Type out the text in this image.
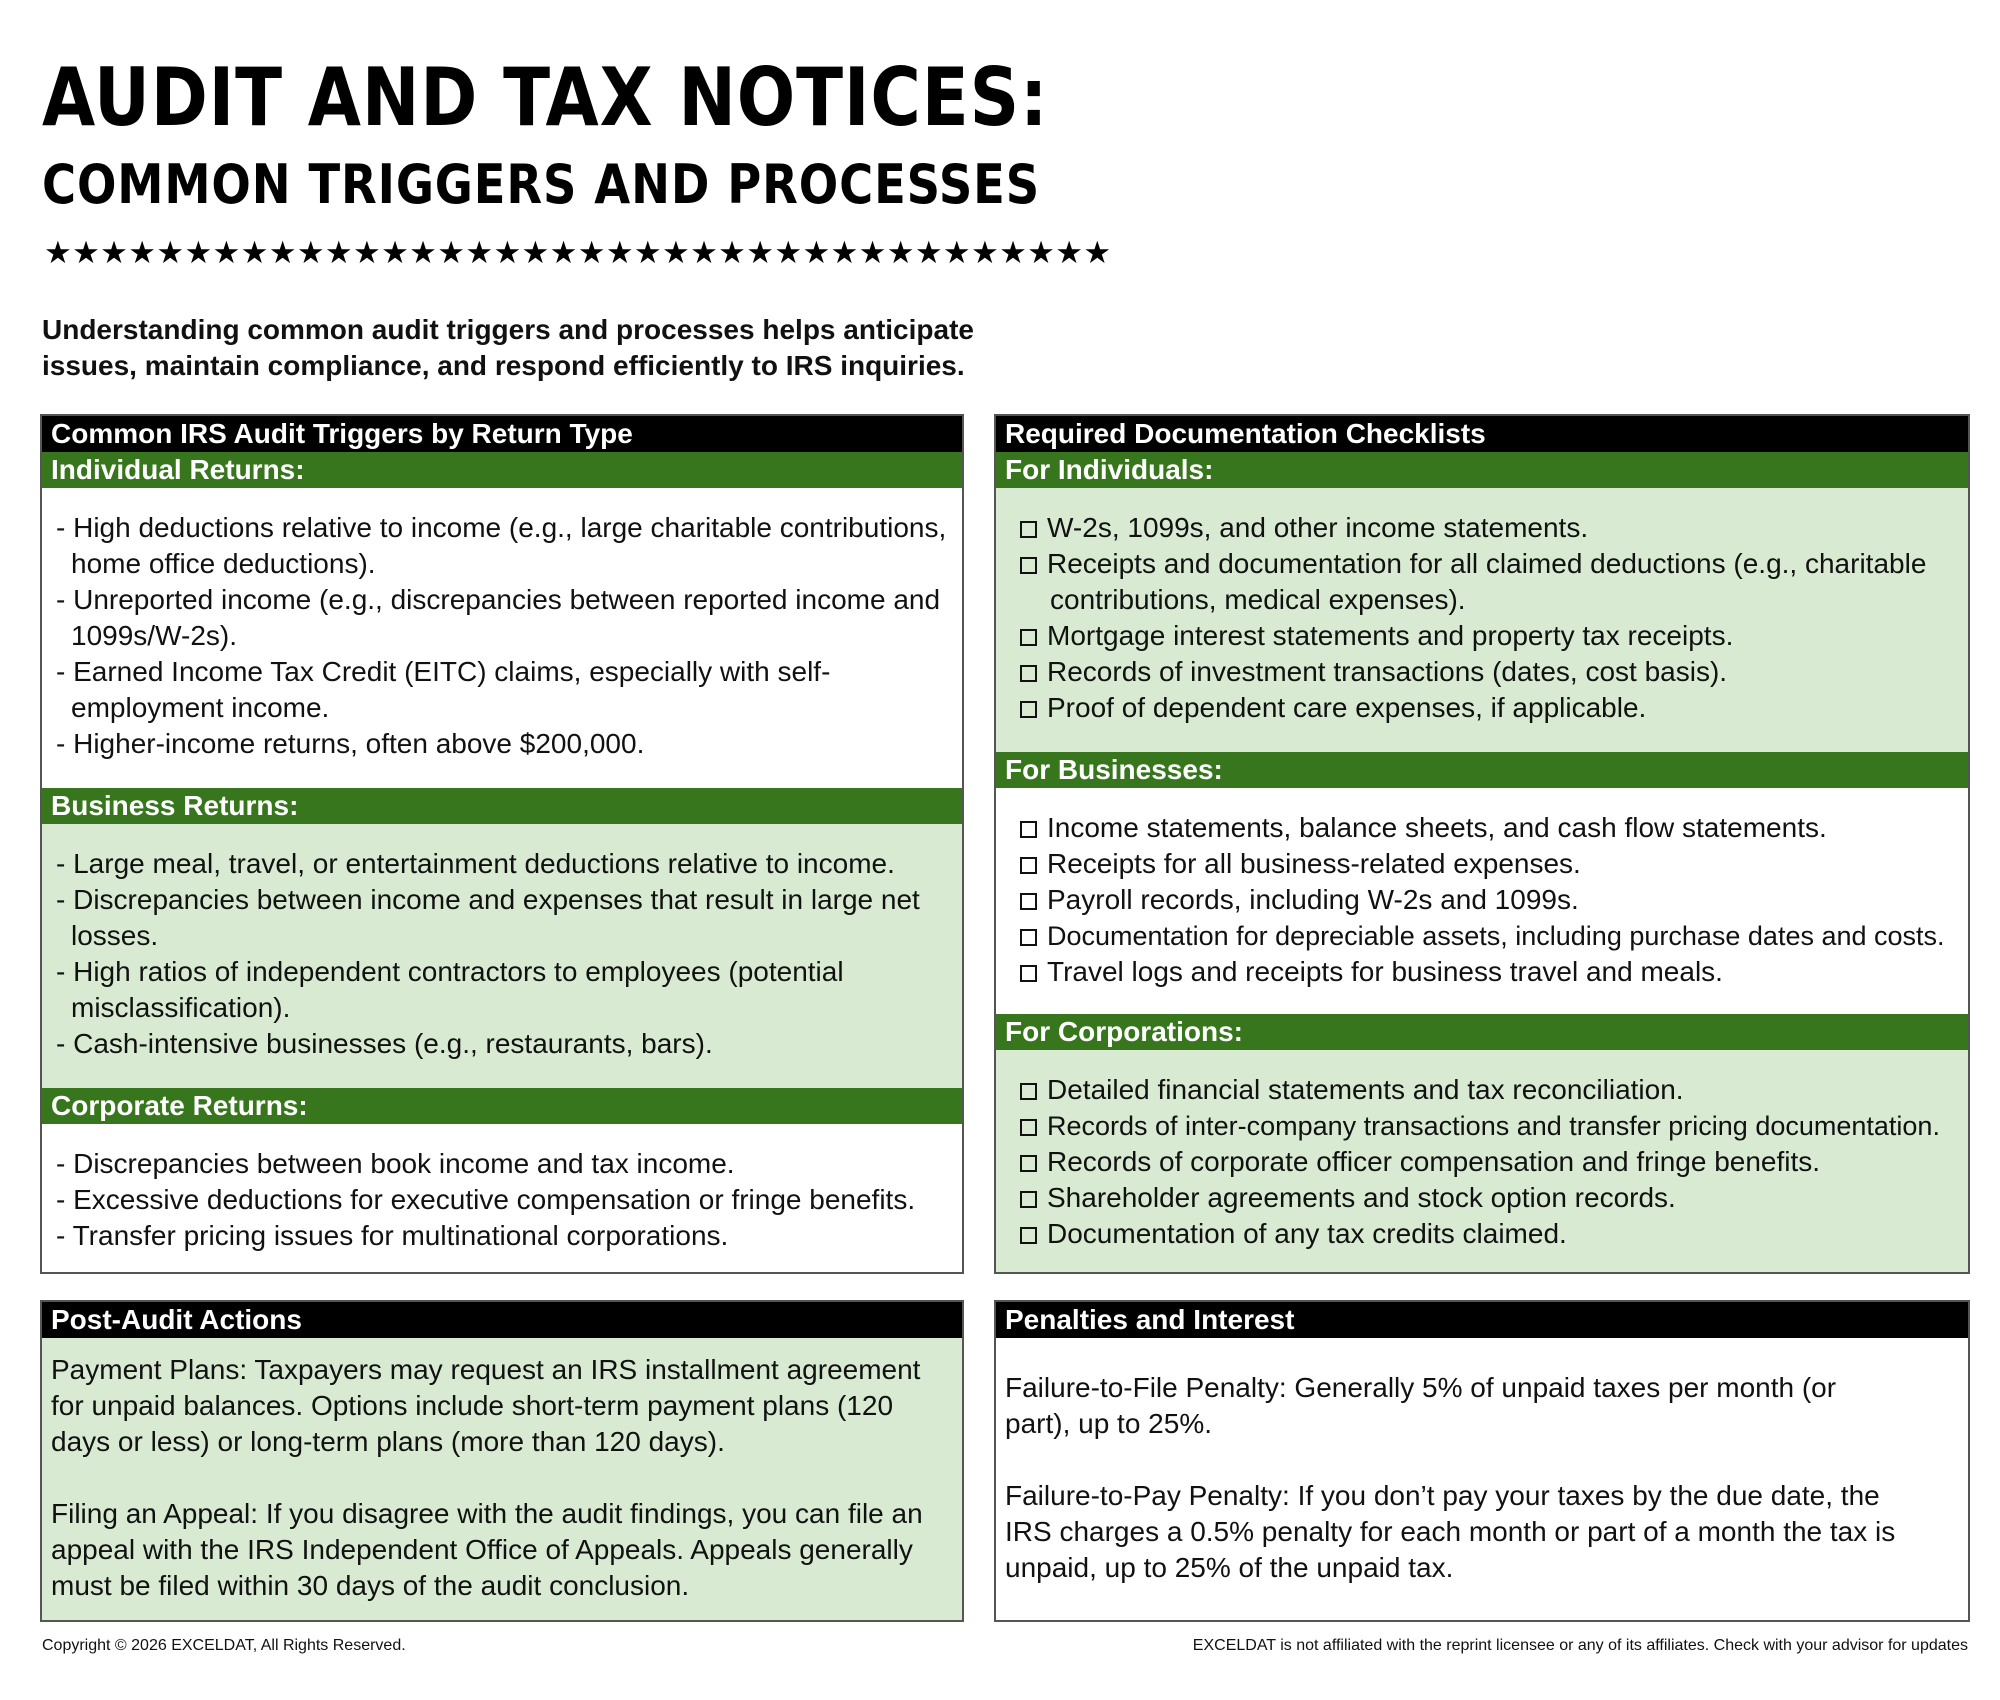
AUDIT AND TAX NOTICES:
COMMON TRIGGERS AND PROCESSES
★★★★★★★★★★★★★★★★★★★★★★★★★★★★★★★★★★★★★★

Understanding common audit triggers and processes helps anticipate issues, maintain compliance, and respond efficiently to IRS inquiries.

Common IRS Audit Triggers by Return Type
Individual Returns:
- High deductions relative to income (e.g., large charitable contributions, home office deductions).
- Unreported income (e.g., discrepancies between reported income and 1099s/W-2s).
- Earned Income Tax Credit (EITC) claims, especially with self-employment income.
- Higher-income returns, often above $200,000.
Business Returns:
- Large meal, travel, or entertainment deductions relative to income.
- Discrepancies between income and expenses that result in large net losses.
- High ratios of independent contractors to employees (potential misclassification).
- Cash-intensive businesses (e.g., restaurants, bars).
Corporate Returns:
- Discrepancies between book income and tax income.
- Excessive deductions for executive compensation or fringe benefits.
- Transfer pricing issues for multinational corporations.
Required Documentation Checklists
For Individuals:
W-2s, 1099s, and other income statements.
Receipts and documentation for all claimed deductions (e.g., charitable contributions, medical expenses).
Mortgage interest statements and property tax receipts.
Records of investment transactions (dates, cost basis).
Proof of dependent care expenses, if applicable.
For Businesses:
Income statements, balance sheets, and cash flow statements.
Receipts for all business-related expenses.
Payroll records, including W-2s and 1099s.
Documentation for depreciable assets, including purchase dates and costs.
Travel logs and receipts for business travel and meals.
For Corporations:
Detailed financial statements and tax reconciliation.
Records of inter-company transactions and transfer pricing documentation.
Records of corporate officer compensation and fringe benefits.
Shareholder agreements and stock option records.
Documentation of any tax credits claimed.
Post-Audit Actions

Payment Plans: Taxpayers may request an IRS installment agreement for unpaid balances. Options include short-term payment plans (120 days or less) or long-term plans (more than 120 days).

Filing an Appeal: If you disagree with the audit findings, you can file an appeal with the IRS Independent Office of Appeals. Appeals generally must be filed within 30 days of the audit conclusion.

Penalties and Interest

Failure-to-File Penalty: Generally 5% of unpaid taxes per month (or part), up to 25%.

Failure-to-Pay Penalty: If you don’t pay your taxes by the due date, the IRS charges a 0.5% penalty for each month or part of a month the tax is unpaid, up to 25% of the unpaid tax.

Copyright © 2026 EXCELDAT, All Rights Reserved.	EXCELDAT is not affiliated with the reprint licensee or any of its affiliates. Check with your advisor for updates
